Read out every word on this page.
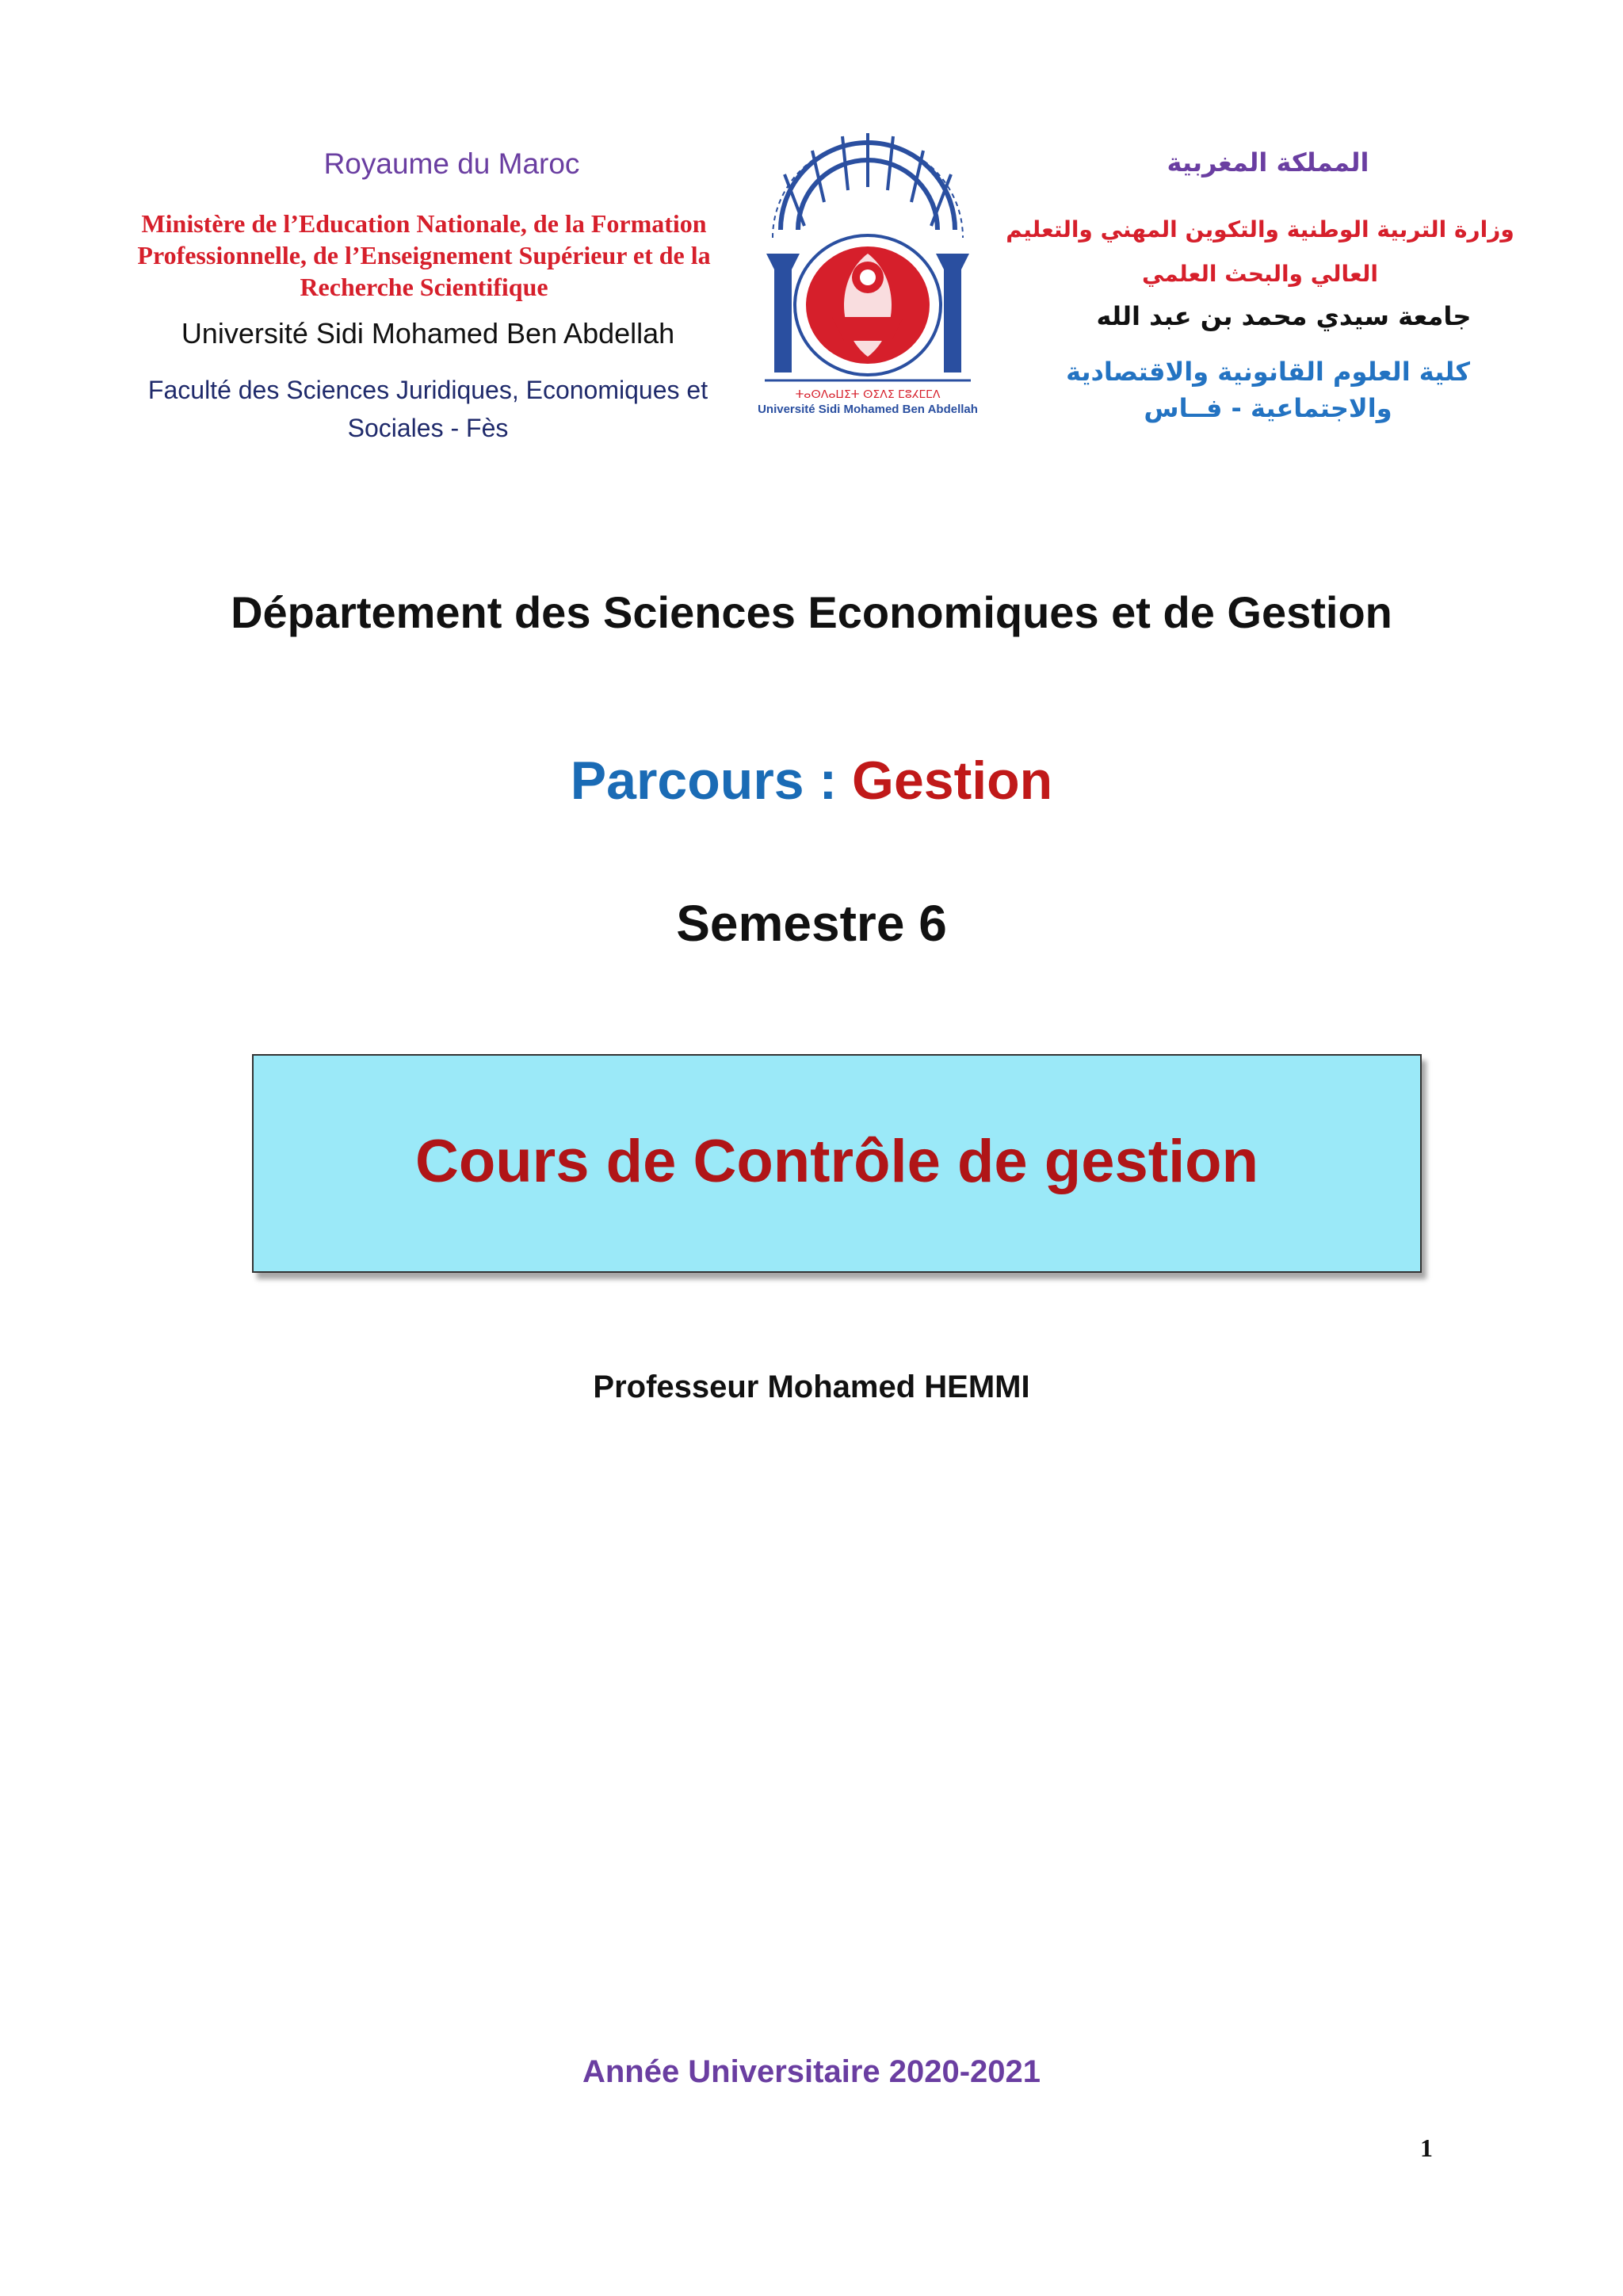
Royaume du Maroc
Ministère de l’Education Nationale, de la Formation Professionnelle, de l’Enseignement Supérieur et de la Recherche Scientifique
Université Sidi Mohamed Ben Abdellah
Faculté des Sciences Juridiques, Economiques et Sociales - Fès
المملكة المغربية
وزارة التربية الوطنية والتكوين المهني والتعليم العالي والبحث العلمي
جامعة سيدي محمد بن عبد الله
كلية العلوم القانونية والاقتصادية والاجتماعية - فــاس
ⵜⴰⵙⴷⴰⵡⵉⵜ ⵙⵉⴷⵉ ⵎⵓⵃⵎⵎⴷ
Université Sidi Mohamed Ben Abdellah
Département des Sciences Economiques et de Gestion
Parcours : Gestion
Semestre 6
Cours de Contrôle de gestion
Professeur Mohamed HEMMI
Année Universitaire 2020-2021
1
